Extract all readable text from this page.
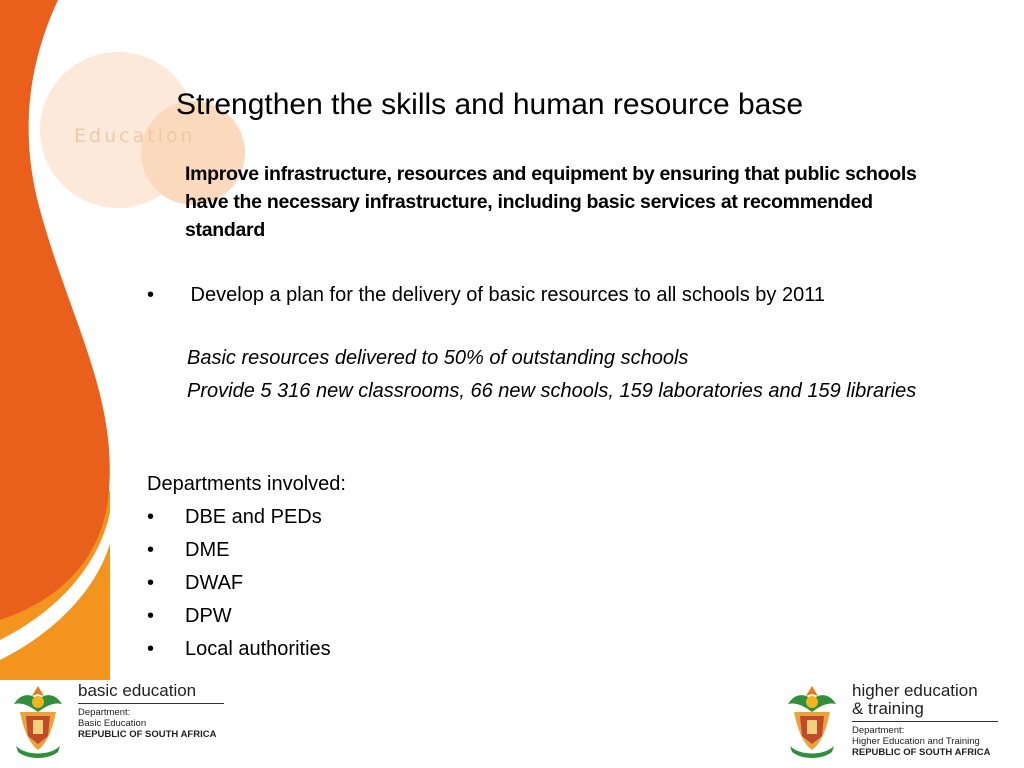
Education
Strengthen the skills and human resource base

Improve infrastructure, resources and equipment by ensuring that public schools have the necessary infrastructure, including basic services at recommended standard

• Develop a plan for the delivery of basic resources to all schools by 2011

Basic resources delivered to 50% of outstanding schools

Provide 5 316 new classrooms, 66 new schools, 159 laboratories and 159 libraries

Departments involved:
• DBE and PEDs
• DME
• DWAF
• DPW
• Local authorities
basic education
Department:
Basic Education
REPUBLIC OF SOUTH AFRICA
higher education
& training
Department:
Higher Education and Training
REPUBLIC OF SOUTH AFRICA
